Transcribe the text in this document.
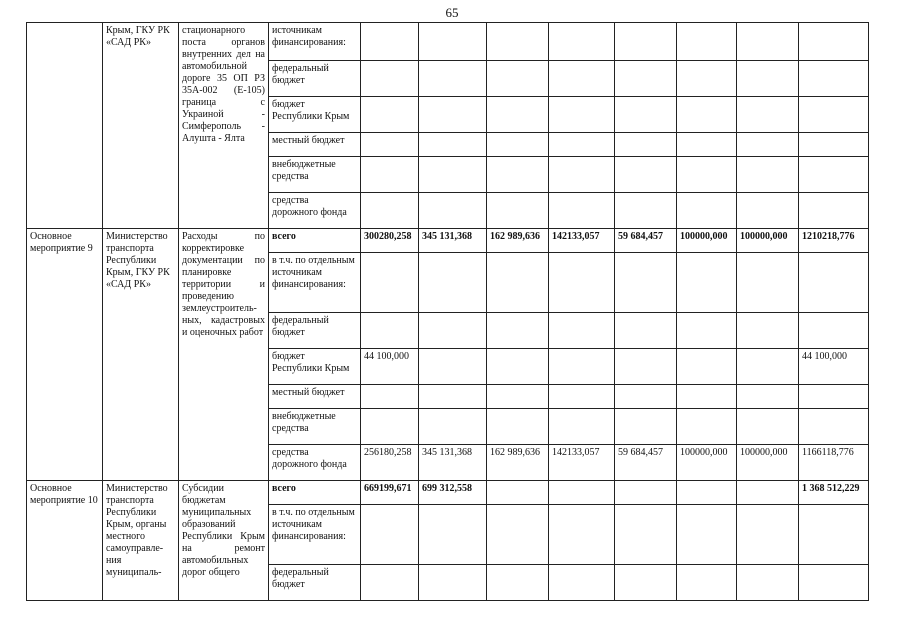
65
	Крым, ГКУ РК «САД РК»	стационарного поста органов внутренних дел на автомобильной дороге 35 ОП РЗ 35А-002 (Е-105) граница с Украиной - Симферополь - Алушта - Ялта	источникам финансирования:								
			федеральный бюджет								
			бюджет Республики Крым								
			местный бюджет								
			внебюджетные средства								
			средства дорожного фонда								
Основное мероприятие 9	Министерство транспорта Республики Крым, ГКУ РК «САД РК»	Расходы по корректировке документации по планировке территории и проведению землеустроитель-ных, кадастровых и оценочных работ	всего	300280,258	345 131,368	162 989,636	142133,057	59 684,457	100000,000	100000,000	1210218,776
			в т.ч. по отдельным источникам финансирования:								
			федеральный бюджет								
			бюджет Республики Крым	44 100,000							44 100,000
			местный бюджет								
			внебюджетные средства								
			средства дорожного фонда	256180,258	345 131,368	162 989,636	142133,057	59 684,457	100000,000	100000,000	1166118,776
Основное мероприятие 10	Министерство транспорта Республики Крым, органы местного самоуправле-ния муниципаль-	Субсидии бюджетам муниципальных образований Республики Крым на ремонт автомобильных дорог общего	всего	669199,671	699 312,558						1 368 512,229
			в т.ч. по отдельным источникам финансирования:								
			федеральный бюджет								
